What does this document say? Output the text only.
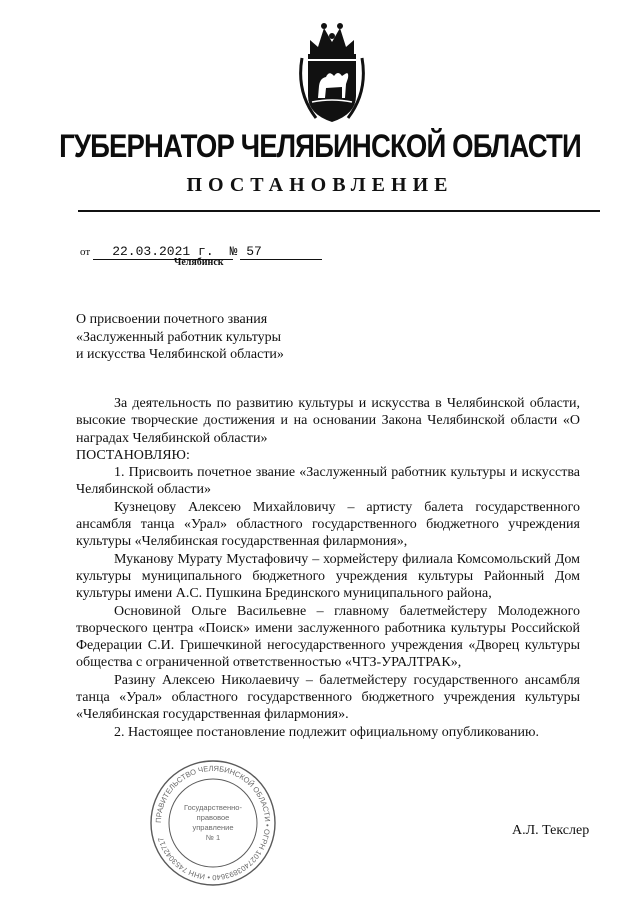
ГУБЕРНАТОР ЧЕЛЯБИНСКОЙ ОБЛАСТИ
ПОСТАНОВЛЕНИЕ
от 22.03.2021 г. № 57
Челябинск
О присвоении почетного звания
«Заслуженный работник культуры
и искусства Челябинской области»

За деятельность по развитию культуры и искусства в Челябинской области, высокие творческие достижения и на основании Закона Челябинской области «О наградах Челябинской области»

ПОСТАНОВЛЯЮ:

1. Присвоить почетное звание «Заслуженный работник культуры и искусства Челябинской области»

Кузнецову Алексею Михайловичу – артисту балета государственного ансамбля танца «Урал» областного государственного бюджетного учреждения культуры «Челябинская государственная филармония»,

Муканову Мурату Мустафовичу – хормейстеру филиала Комсомольский Дом культуры муниципального бюджетного учреждения культуры Районный Дом культуры имени А.С. Пушкина Брединского муниципального района,

Основиной Ольге Васильевне – главному балетмейстеру Молодежного творческого центра «Поиск» имени заслуженного работника культуры Российской Федерации С.И. Гришечкиной негосударственного учреждения «Дворец культуры общества с ограниченной ответственностью «ЧТЗ-УРАЛТРАК»,

Разину Алексею Николаевичу – балетмейстеру государственного ансамбля танца «Урал» областного государственного бюджетного учреждения культуры «Челябинская государственная филармония».

2. Настоящее постановление подлежит официальному опубликованию.

ПРАВИТЕЛЬСТВО ЧЕЛЯБИНСКОЙ ОБЛАСТИ • ОГРН 1027403893640 • ИНН 7453042717
Государственно-
правовое
управление
№ 1	А.Л. Текслер
